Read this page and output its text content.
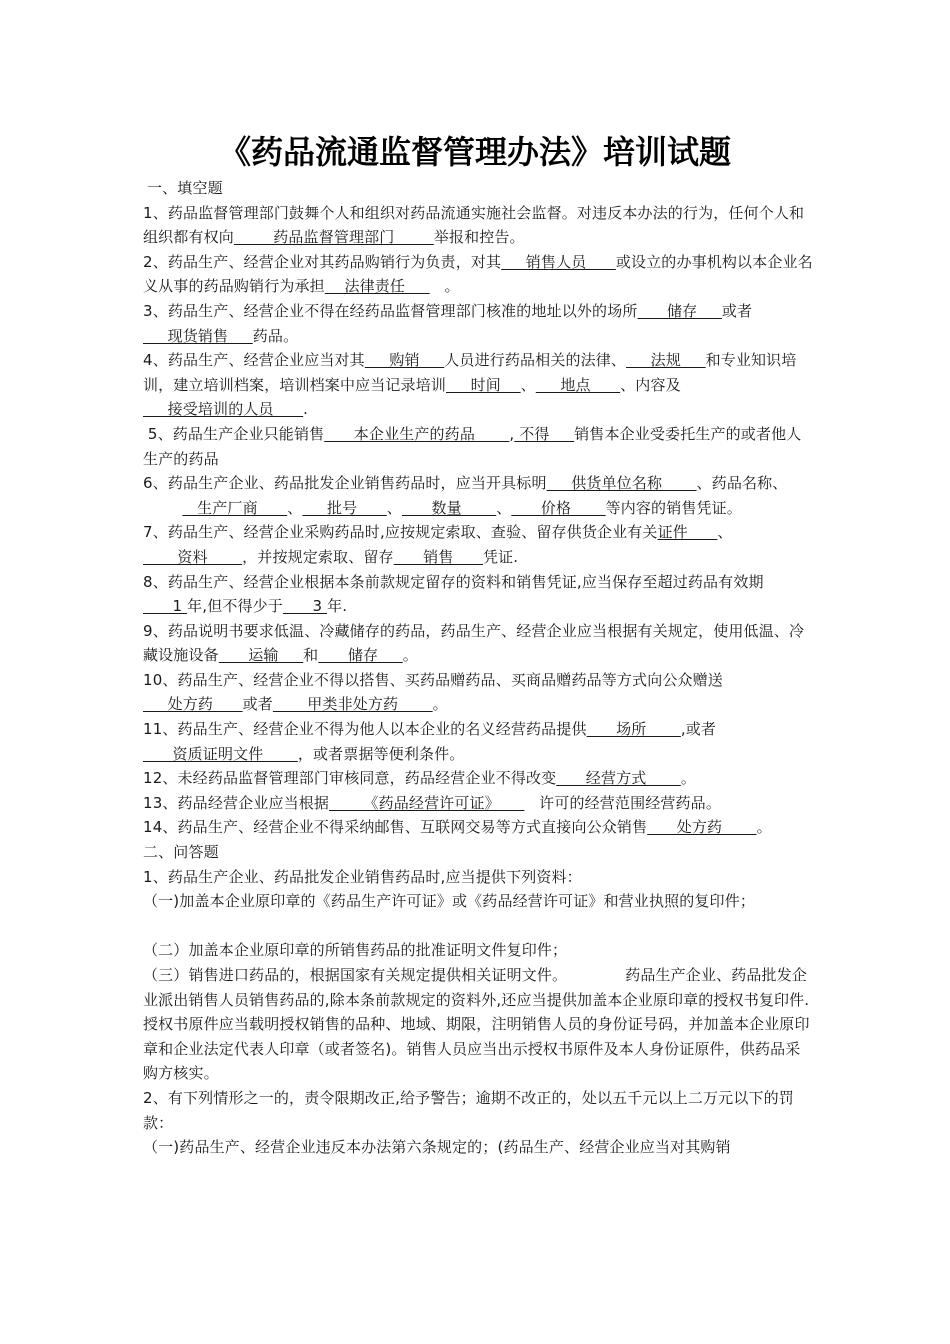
《药品流通监督管理办法》培训试题

一、填空题

1、药品监督管理部门鼓舞个人和组织对药品流通实施社会监督。对违反本办法的行为，任何个人和组织都有权向        药品监督管理部门        举报和控告。

2、药品生产、经营企业对其药品购销行为负责，对其     销售人员      或设立的办事机构以本企业名义从事的药品购销行为承担    法律责任        。

3、药品生产、经营企业不得在经药品监督管理部门核准的地址以外的场所      储存     或者     现货销售     药品。

4、药品生产、经营企业应当对其     购销     人员进行药品相关的法律、     法规     和专业知识培训，建立培训档案，培训档案中应当记录培训     时间    、     地点      、内容及     接受培训的人员      .

5、药品生产企业只能销售      本企业生产的药品       , 不得     销售本企业受委托生产的或者他人生产的药品

6、药品生产企业、药品批发企业销售药品时，应当开具标明     供货单位名称       、药品名称、           生产厂商      、     批号      、      数量       、      价格       等内容的销售凭证。

7、药品生产、经营企业采购药品时,应按规定索取、查验、留存供货企业有关证件      、       资料       ，并按规定索取、留存      销售      凭证.

8、药品生产、经营企业根据本条前款规定留存的资料和销售凭证,应当保存至超过药品有效期      1 年,但不得少于      3 年.

9、药品说明书要求低温、冷藏储存的药品，药品生产、经营企业应当根据有关规定，使用低温、冷藏设施设备      运输     和      储存     。

10、药品生产、经营企业不得以搭售、买药品赠药品、买商品赠药品等方式向公众赠送     处方药      或者       甲类非处方药       。

11、药品生产、经营企业不得为他人以本企业的名义经营药品提供      场所       ,或者      资质证明文件       ，或者票据等便利条件。

12、未经药品监督管理部门审核同意，药品经营企业不得改变      经营方式       。

13、药品经营企业应当根据       《药品经营许可证》        许可的经营范围经营药品。

14、药品生产、经营企业不得采纳邮售、互联网交易等方式直接向公众销售      处方药       。

二、问答题

1、药品生产企业、药品批发企业销售药品时,应当提供下列资料：

（一)加盖本企业原印章的《药品生产许可证》或《药品经营许可证》和营业执照的复印件；

（二）加盖本企业原印章的所销售药品的批准证明文件复印件；

（三）销售进口药品的，根据国家有关规定提供相关证明文件。	药品生产企业、药品批发企业派出销售人员销售药品的,除本条前款规定的资料外,还应当提供加盖本企业原印章的授权书复印件.授权书原件应当载明授权销售的品种、地域、期限，注明销售人员的身份证号码，并加盖本企业原印章和企业法定代表人印章（或者签名)。销售人员应当出示授权书原件及本人身份证原件，供药品采购方核实。

2、有下列情形之一的，责令限期改正,给予警告；逾期不改正的，处以五千元以上二万元以下的罚款：

（一)药品生产、经营企业违反本办法第六条规定的；(药品生产、经营企业应当对其购销
